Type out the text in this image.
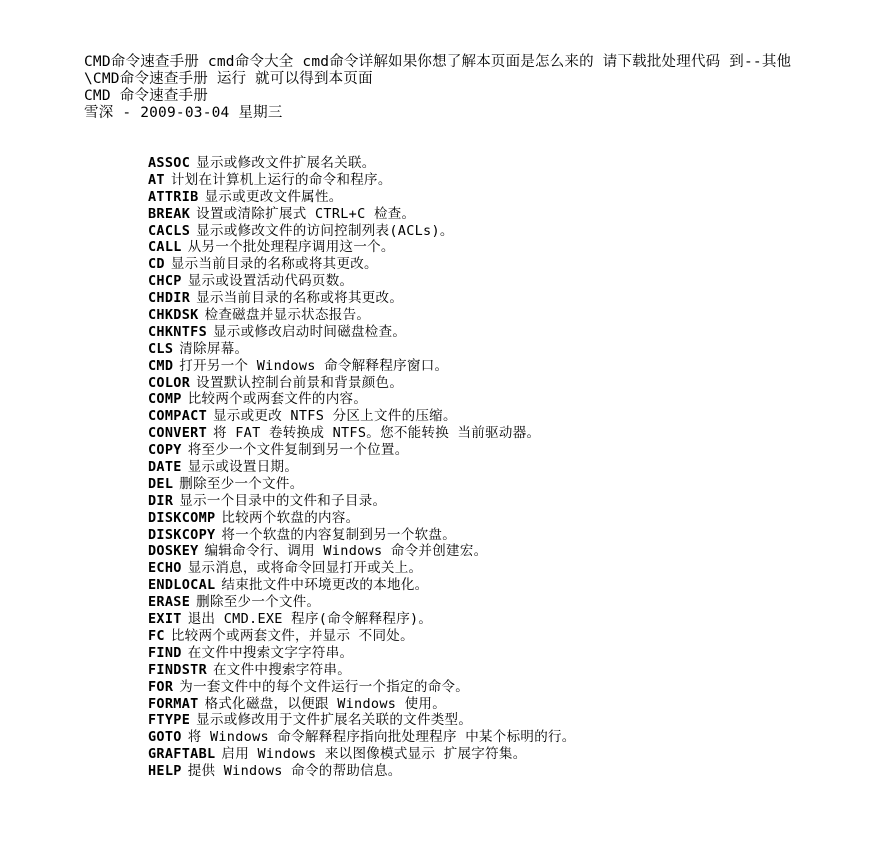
CMD命令速查手册 cmd命令大全 cmd命令详解如果你想了解本页面是怎么来的 请下载批处理代码 到--其他\CMD命令速查手册 运行 就可以得到本页面
CMD 命令速查手册
雪深 - 2009-03-04 星期三
ASSOC 显示或修改文件扩展名关联。
AT 计划在计算机上运行的命令和程序。
ATTRIB 显示或更改文件属性。
BREAK 设置或清除扩展式 CTRL+C 检查。
CACLS 显示或修改文件的访问控制列表(ACLs)。
CALL 从另一个批处理程序调用这一个。
CD 显示当前目录的名称或将其更改。
CHCP 显示或设置活动代码页数。
CHDIR 显示当前目录的名称或将其更改。
CHKDSK 检查磁盘并显示状态报告。
CHKNTFS 显示或修改启动时间磁盘检查。
CLS 清除屏幕。
CMD 打开另一个 Windows 命令解释程序窗口。
COLOR 设置默认控制台前景和背景颜色。
COMP 比较两个或两套文件的内容。
COMPACT 显示或更改 NTFS 分区上文件的压缩。
CONVERT 将 FAT 卷转换成 NTFS。您不能转换 当前驱动器。
COPY 将至少一个文件复制到另一个位置。
DATE 显示或设置日期。
DEL 删除至少一个文件。
DIR 显示一个目录中的文件和子目录。
DISKCOMP 比较两个软盘的内容。
DISKCOPY 将一个软盘的内容复制到另一个软盘。
DOSKEY 编辑命令行、调用 Windows 命令并创建宏。
ECHO 显示消息，或将命令回显打开或关上。
ENDLOCAL 结束批文件中环境更改的本地化。
ERASE 删除至少一个文件。
EXIT 退出 CMD.EXE 程序(命令解释程序)。
FC 比较两个或两套文件，并显示 不同处。
FIND 在文件中搜索文字字符串。
FINDSTR 在文件中搜索字符串。
FOR 为一套文件中的每个文件运行一个指定的命令。
FORMAT 格式化磁盘，以便跟 Windows 使用。
FTYPE 显示或修改用于文件扩展名关联的文件类型。
GOTO 将 Windows 命令解释程序指向批处理程序 中某个标明的行。
GRAFTABL 启用 Windows 来以图像模式显示 扩展字符集。
HELP 提供 Windows 命令的帮助信息。
